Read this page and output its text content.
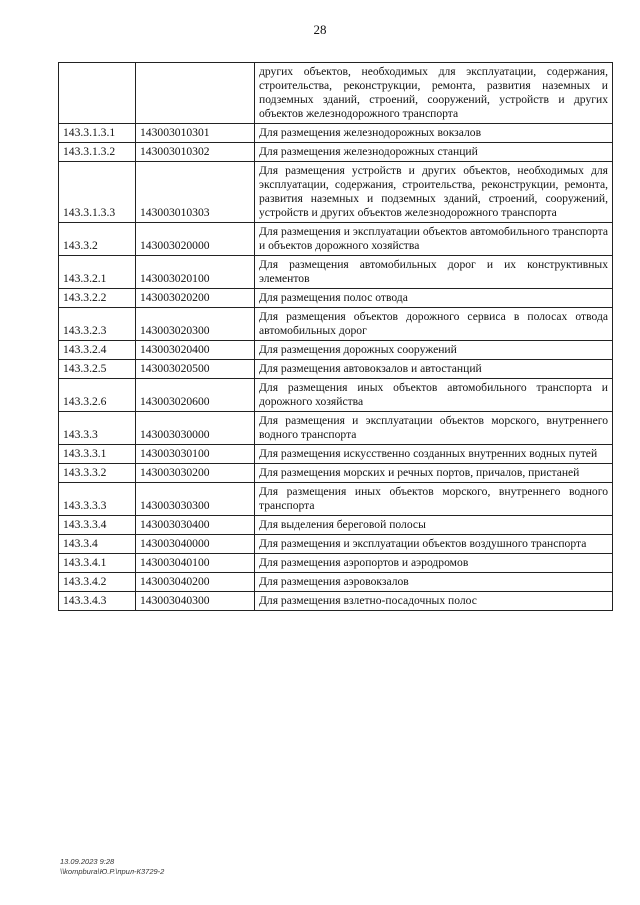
28
		других объектов, необходимых для эксплуатации, содержания, строительства, реконструкции, ремонта, развития наземных и подземных зданий, строений, сооружений, устройств и других объектов железнодорожного транспорта
143.3.1.3.1	143003010301	Для размещения железнодорожных вокзалов
143.3.1.3.2	143003010302	Для размещения железнодорожных станций
143.3.1.3.3	143003010303	Для размещения устройств и других объектов, необходимых для эксплуатации, содержания, строительства, реконструкции, ремонта, развития наземных и подземных зданий, строений, сооружений, устройств и других объектов железнодорожного транспорта
143.3.2	143003020000	Для размещения и эксплуатации объектов автомобильного транспорта и объектов дорожного хозяйства
143.3.2.1	143003020100	Для размещения автомобильных дорог и их конструктивных элементов
143.3.2.2	143003020200	Для размещения полос отвода
143.3.2.3	143003020300	Для размещения объектов дорожного сервиса в полосах отвода автомобильных дорог
143.3.2.4	143003020400	Для размещения дорожных сооружений
143.3.2.5	143003020500	Для размещения автовокзалов и автостанций
143.3.2.6	143003020600	Для размещения иных объектов автомобильного транспорта и дорожного хозяйства
143.3.3	143003030000	Для размещения и эксплуатации объектов морского, внутреннего водного транспорта
143.3.3.1	143003030100	Для размещения искусственно созданных внутренних водных путей
143.3.3.2	143003030200	Для размещения морских и речных портов, причалов, пристаней
143.3.3.3	143003030300	Для размещения иных объектов морского, внутреннего водного транспорта
143.3.3.4	143003030400	Для выделения береговой полосы
143.3.4	143003040000	Для размещения и эксплуатации объектов воздушного транспорта
143.3.4.1	143003040100	Для размещения аэропортов и аэродромов
143.3.4.2	143003040200	Для размещения аэровокзалов
143.3.4.3	143003040300	Для размещения взлетно-посадочных полос
13.09.2023 9:28
\\kompbura\Ю.Р.\прил-К3729-2
